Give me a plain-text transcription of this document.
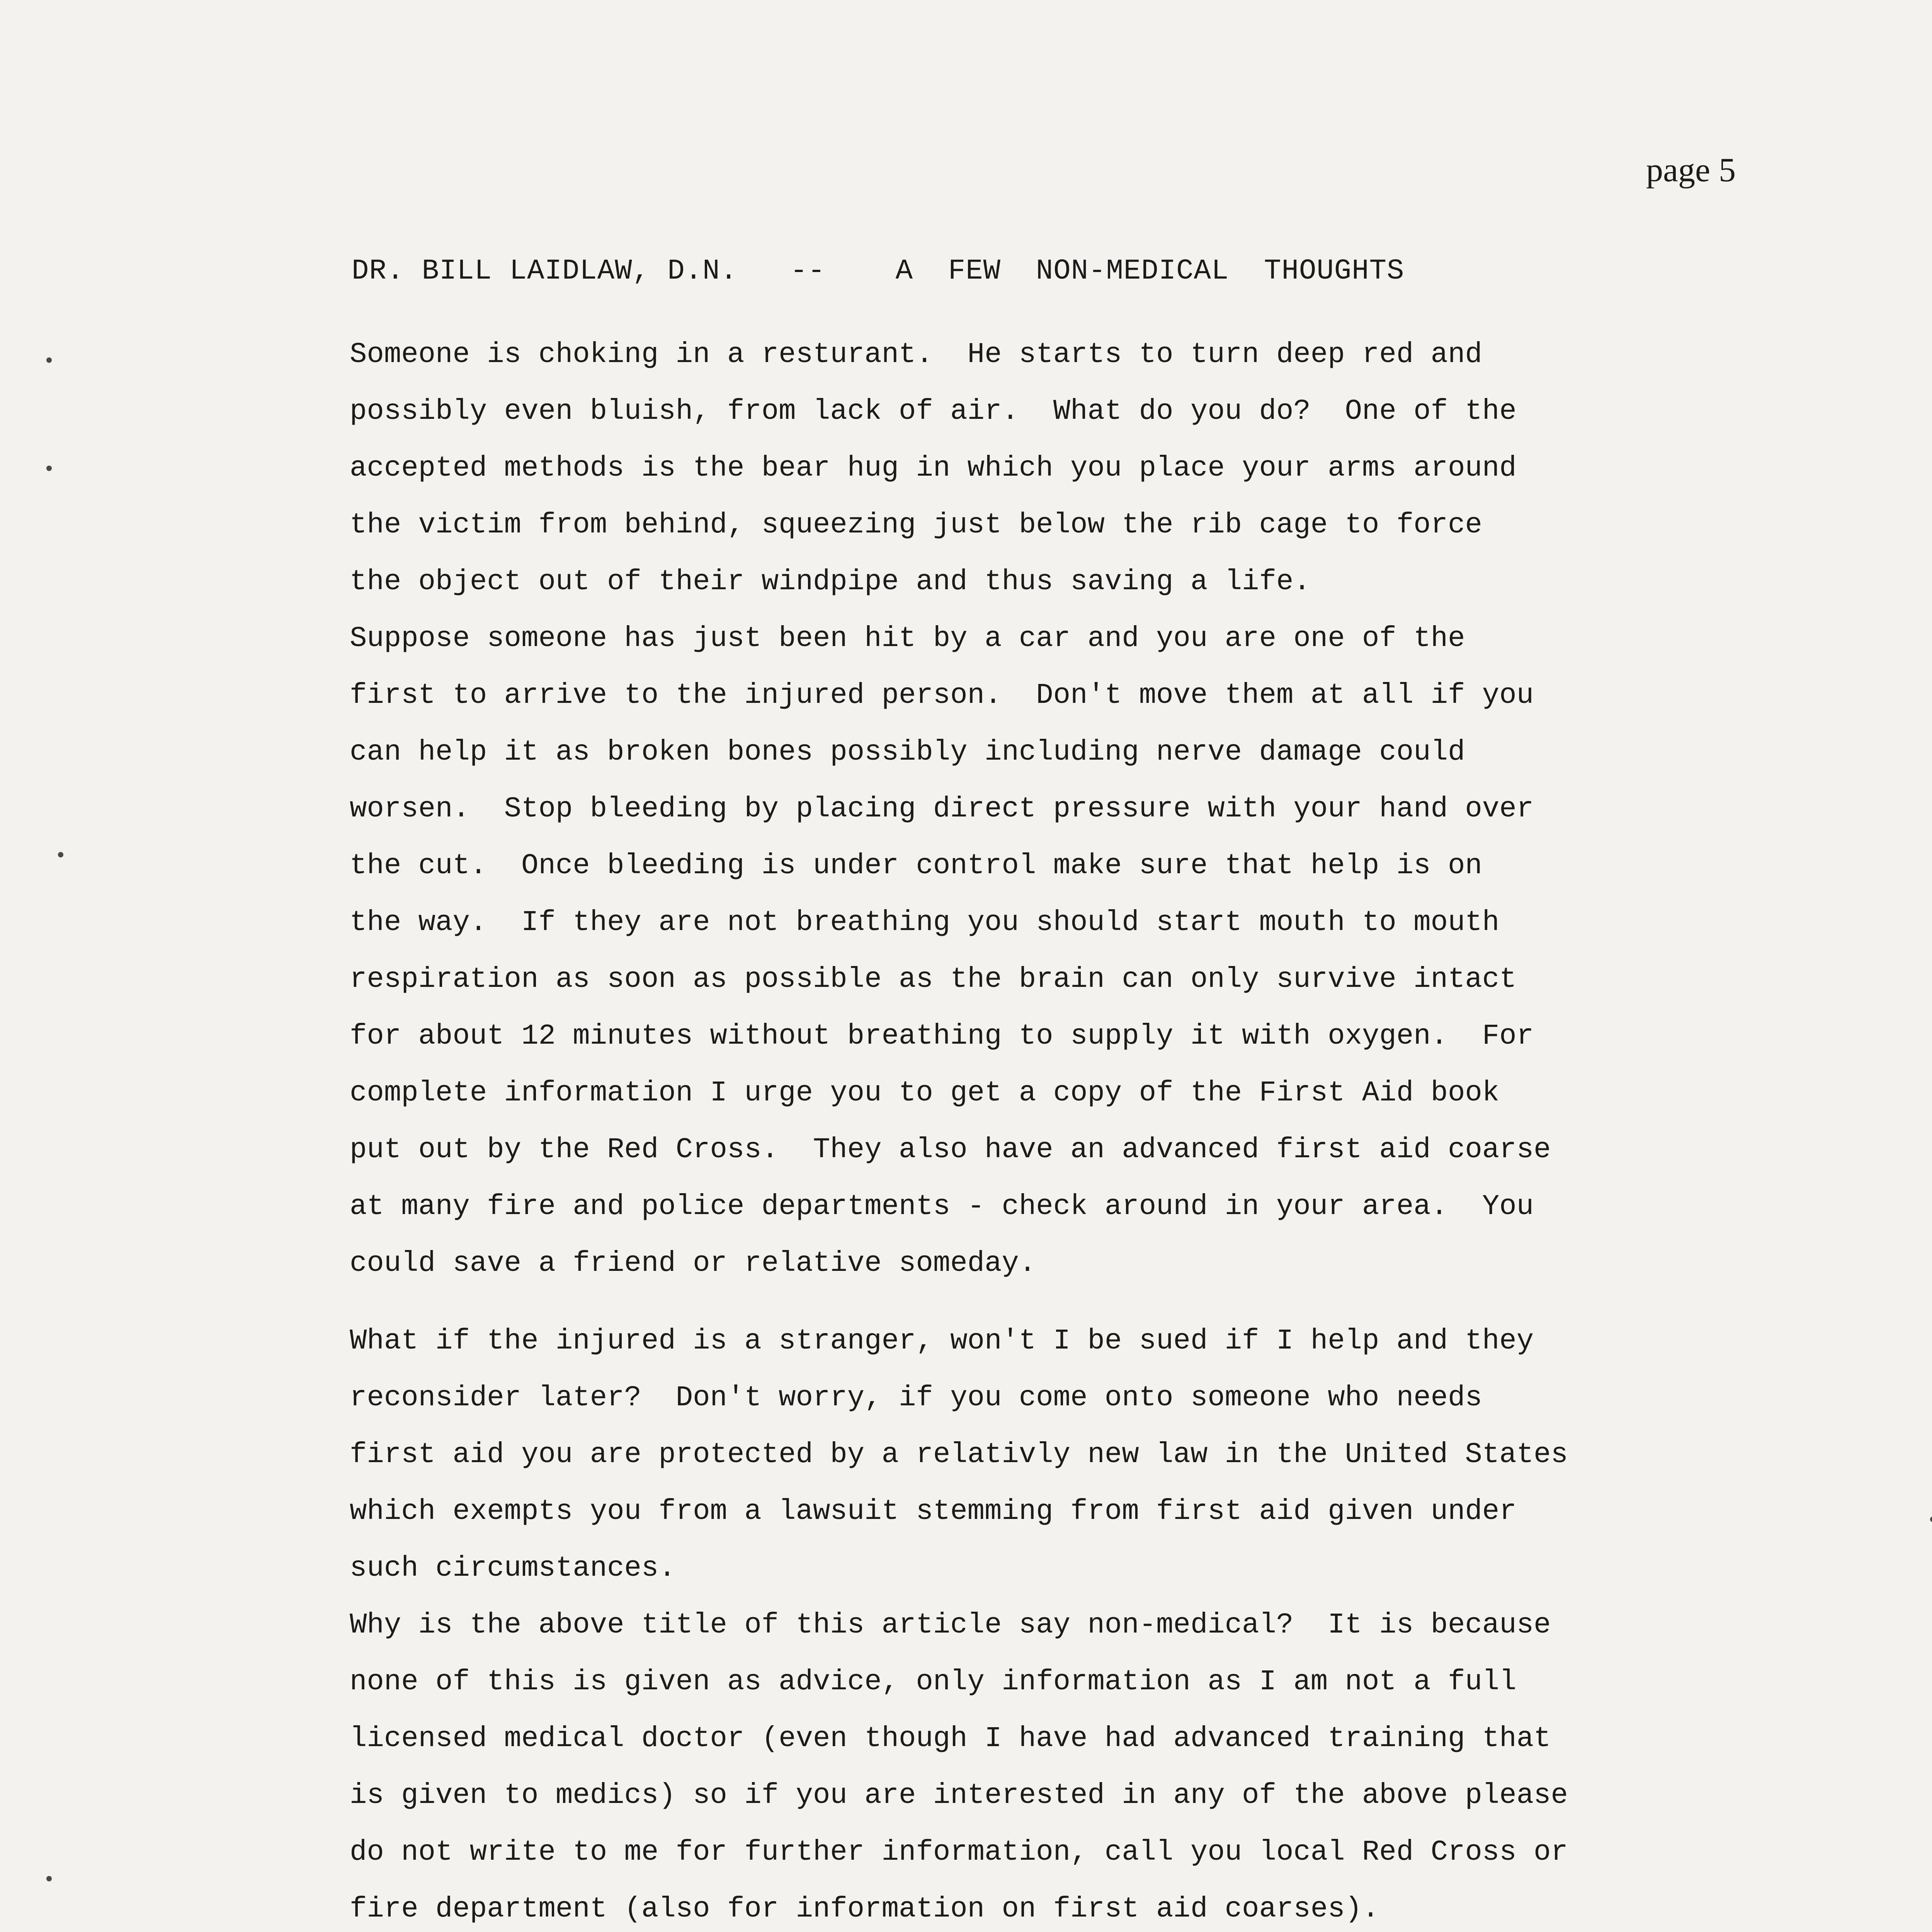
page 5
DR. BILL LAIDLAW, D.N.   --    A  FEW  NON-MEDICAL  THOUGHTS
Someone is choking in a resturant.  He starts to turn deep red and
possibly even bluish, from lack of air.  What do you do?  One of the
accepted methods is the bear hug in which you place your arms around
the victim from behind, squeezing just below the rib cage to force
the object out of their windpipe and thus saving a life.
Suppose someone has just been hit by a car and you are one of the
first to arrive to the injured person.  Don't move them at all if you
can help it as broken bones possibly including nerve damage could
worsen.  Stop bleeding by placing direct pressure with your hand over
the cut.  Once bleeding is under control make sure that help is on
the way.  If they are not breathing you should start mouth to mouth
respiration as soon as possible as the brain can only survive intact
for about 12 minutes without breathing to supply it with oxygen.  For
complete information I urge you to get a copy of the First Aid book
put out by the Red Cross.  They also have an advanced first aid coarse
at many fire and police departments - check around in your area.  You
could save a friend or relative someday.
What if the injured is a stranger, won't I be sued if I help and they
reconsider later?  Don't worry, if you come onto someone who needs
first aid you are protected by a relativly new law in the United States
which exempts you from a lawsuit stemming from first aid given under
such circumstances.
Why is the above title of this article say non-medical?  It is because
none of this is given as advice, only information as I am not a full
licensed medical doctor (even though I have had advanced training that
is given to medics) so if you are interested in any of the above please
do not write to me for further information, call you local Red Cross or
fire department (also for information on first aid coarses).
